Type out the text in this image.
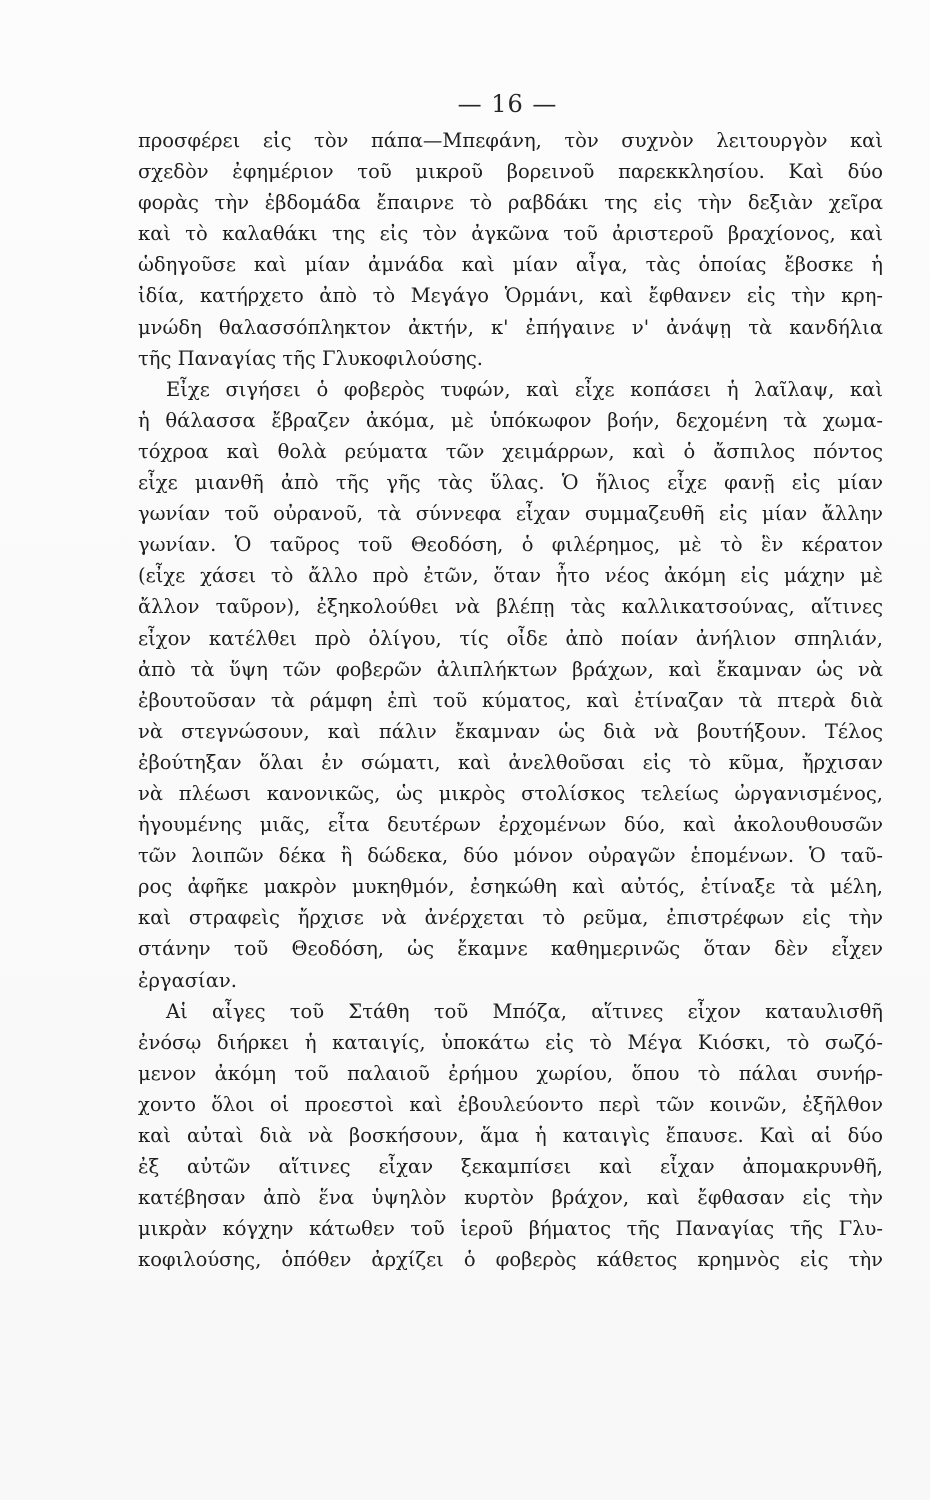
— 16 —
προσφέρει εἰς τὸν πάπα—Μπεφάνη, τὸν συχνὸν λειτουργὸν καὶ
σχεδὸν ἐφημέριον τοῦ μικροῦ βορεινοῦ παρεκκλησίου. Καὶ δύο
φορὰς τὴν ἑβδομάδα ἔπαιρνε τὸ ραβδάκι της εἰς τὴν δεξιὰν χεῖρα
καὶ τὸ καλαθάκι της εἰς τὸν ἀγκῶνα τοῦ ἀριστεροῦ βραχίονος, καὶ
ὡδηγοῦσε καὶ μίαν ἀμνάδα καὶ μίαν αἶγα, τὰς ὁποίας ἔβοσκε ἡ
ἰδία, κατήρχετο ἀπὸ τὸ Μεγάγο Ὁρμάνι, καὶ ἔφθανεν εἰς τὴν κρη-
μνώδη θαλασσόπληκτον ἀκτήν, κ' ἐπήγαινε ν' ἀνάψῃ τὰ κανδήλια
τῆς Παναγίας τῆς Γλυκοφιλούσης.
Εἶχε σιγήσει ὁ φοβερὸς τυφών, καὶ εἶχε κοπάσει ἡ λαῖλαψ, καὶ
ἡ θάλασσα ἔβραζεν ἀκόμα, μὲ ὑπόκωφον βοήν, δεχομένη τὰ χωμα-
τόχροα καὶ θολὰ ρεύματα τῶν χειμάρρων, καὶ ὁ ἄσπιλος πόντος
εἶχε μιανθῆ ἀπὸ τῆς γῆς τὰς ὕλας. Ὁ ἥλιος εἶχε φανῇ εἰς μίαν
γωνίαν τοῦ οὐρανοῦ, τὰ σύννεφα εἶχαν συμμαζευθῆ εἰς μίαν ἄλλην
γωνίαν. Ὁ ταῦρος τοῦ Θεοδόση, ὁ φιλέρημος, μὲ τὸ ἓν κέρατον
(εἶχε χάσει τὸ ἄλλο πρὸ ἐτῶν, ὅταν ἦτο νέος ἀκόμη εἰς μάχην μὲ
ἄλλον ταῦρον), ἐξηκολούθει νὰ βλέπῃ τὰς καλλικατσούνας, αἵτινες
εἶχον κατέλθει πρὸ ὀλίγου, τίς οἶδε ἀπὸ ποίαν ἀνήλιον σπηλιάν,
ἀπὸ τὰ ὕψη τῶν φοβερῶν ἀλιπλήκτων βράχων, καὶ ἔκαμναν ὡς νὰ
ἐβουτοῦσαν τὰ ράμφη ἐπὶ τοῦ κύματος, καὶ ἐτίναζαν τὰ πτερὰ διὰ
νὰ στεγνώσουν, καὶ πάλιν ἔκαμναν ὡς διὰ νὰ βουτήξουν. Τέλος
ἐβούτηξαν ὅλαι ἐν σώματι, καὶ ἀνελθοῦσαι εἰς τὸ κῦμα, ἤρχισαν
νὰ πλέωσι κανονικῶς, ὡς μικρὸς στολίσκος τελείως ὠργανισμένος,
ἡγουμένης μιᾶς, εἶτα δευτέρων ἐρχομένων δύο, καὶ ἀκολουθουσῶν
τῶν λοιπῶν δέκα ἢ δώδεκα, δύο μόνον οὐραγῶν ἑπομένων. Ὁ ταῦ-
ρος ἀφῆκε μακρὸν μυκηθμόν, ἐσηκώθη καὶ αὐτός, ἐτίναξε τὰ μέλη,
καὶ στραφεὶς ἤρχισε νὰ ἀνέρχεται τὸ ρεῦμα, ἐπιστρέφων εἰς τὴν
στάνην τοῦ Θεοδόση, ὡς ἔκαμνε καθημερινῶς ὅταν δὲν εἶχεν
ἐργασίαν.
Αἱ αἶγες τοῦ Στάθη τοῦ Μπόζα, αἵτινες εἶχον καταυλισθῆ
ἐνόσῳ διήρκει ἡ καταιγίς, ὑποκάτω εἰς τὸ Μέγα Κιόσκι, τὸ σωζό-
μενον ἀκόμη τοῦ παλαιοῦ ἐρήμου χωρίου, ὅπου τὸ πάλαι συνήρ-
χοντο ὅλοι οἱ προεστοὶ καὶ ἐβουλεύοντο περὶ τῶν κοινῶν, ἐξῆλθον
καὶ αὐταὶ διὰ νὰ βοσκήσουν, ἅμα ἡ καταιγὶς ἔπαυσε. Καὶ αἱ δύο
ἐξ αὐτῶν αἵτινες εἶχαν ξεκαμπίσει καὶ εἶχαν ἀπομακρυνθῆ,
κατέβησαν ἀπὸ ἕνα ὑψηλὸν κυρτὸν βράχον, καὶ ἔφθασαν εἰς τὴν
μικρὰν κόγχην κάτωθεν τοῦ ἱεροῦ βήματος τῆς Παναγίας τῆς Γλυ-
κοφιλούσης, ὁπόθεν ἀρχίζει ὁ φοβερὸς κάθετος κρημνὸς εἰς τὴν
